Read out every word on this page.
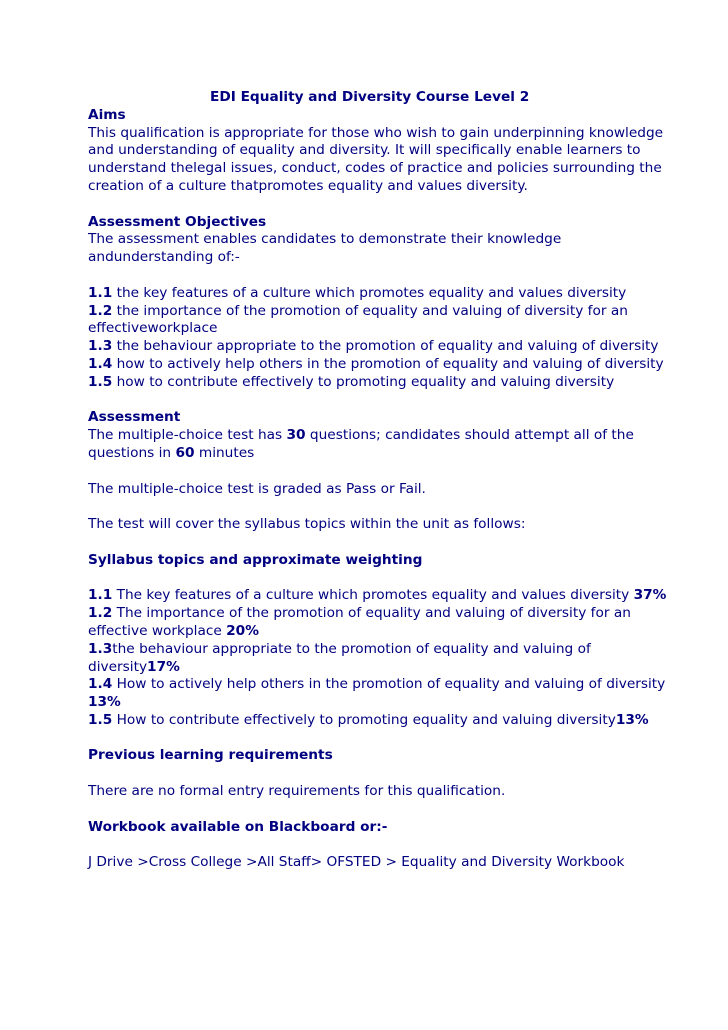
EDI Equality and Diversity Course Level 2

Aims

This qualification is appropriate for those who wish to gain underpinning knowledge

and understanding of equality and diversity. It will specifically enable learners to

understand thelegal issues, conduct, codes of practice and policies surrounding the

creation of a culture thatpromotes equality and values diversity.

Assessment Objectives

The assessment enables candidates to demonstrate their knowledge

andunderstanding of:-

1.1 the key features of a culture which promotes equality and values diversity

1.2 the importance of the promotion of equality and valuing of diversity for an

effectiveworkplace

1.3 the behaviour appropriate to the promotion of equality and valuing of diversity

1.4 how to actively help others in the promotion of equality and valuing of diversity

1.5 how to contribute effectively to promoting equality and valuing diversity

Assessment

The multiple-choice test has 30 questions; candidates should attempt all of the

questions in 60 minutes

The multiple-choice test is graded as Pass or Fail.

The test will cover the syllabus topics within the unit as follows:

Syllabus topics and approximate weighting

1.1 The key features of a culture which promotes equality and values diversity 37%

1.2 The importance of the promotion of equality and valuing of diversity for an

effective workplace 20%

1.3the behaviour appropriate to the promotion of equality and valuing of

diversity17%

1.4 How to actively help others in the promotion of equality and valuing of diversity

13%

1.5 How to contribute effectively to promoting equality and valuing diversity13%

Previous learning requirements

There are no formal entry requirements for this qualification.

Workbook available on Blackboard or:-

J Drive >Cross College >All Staff> OFSTED > Equality and Diversity Workbook
